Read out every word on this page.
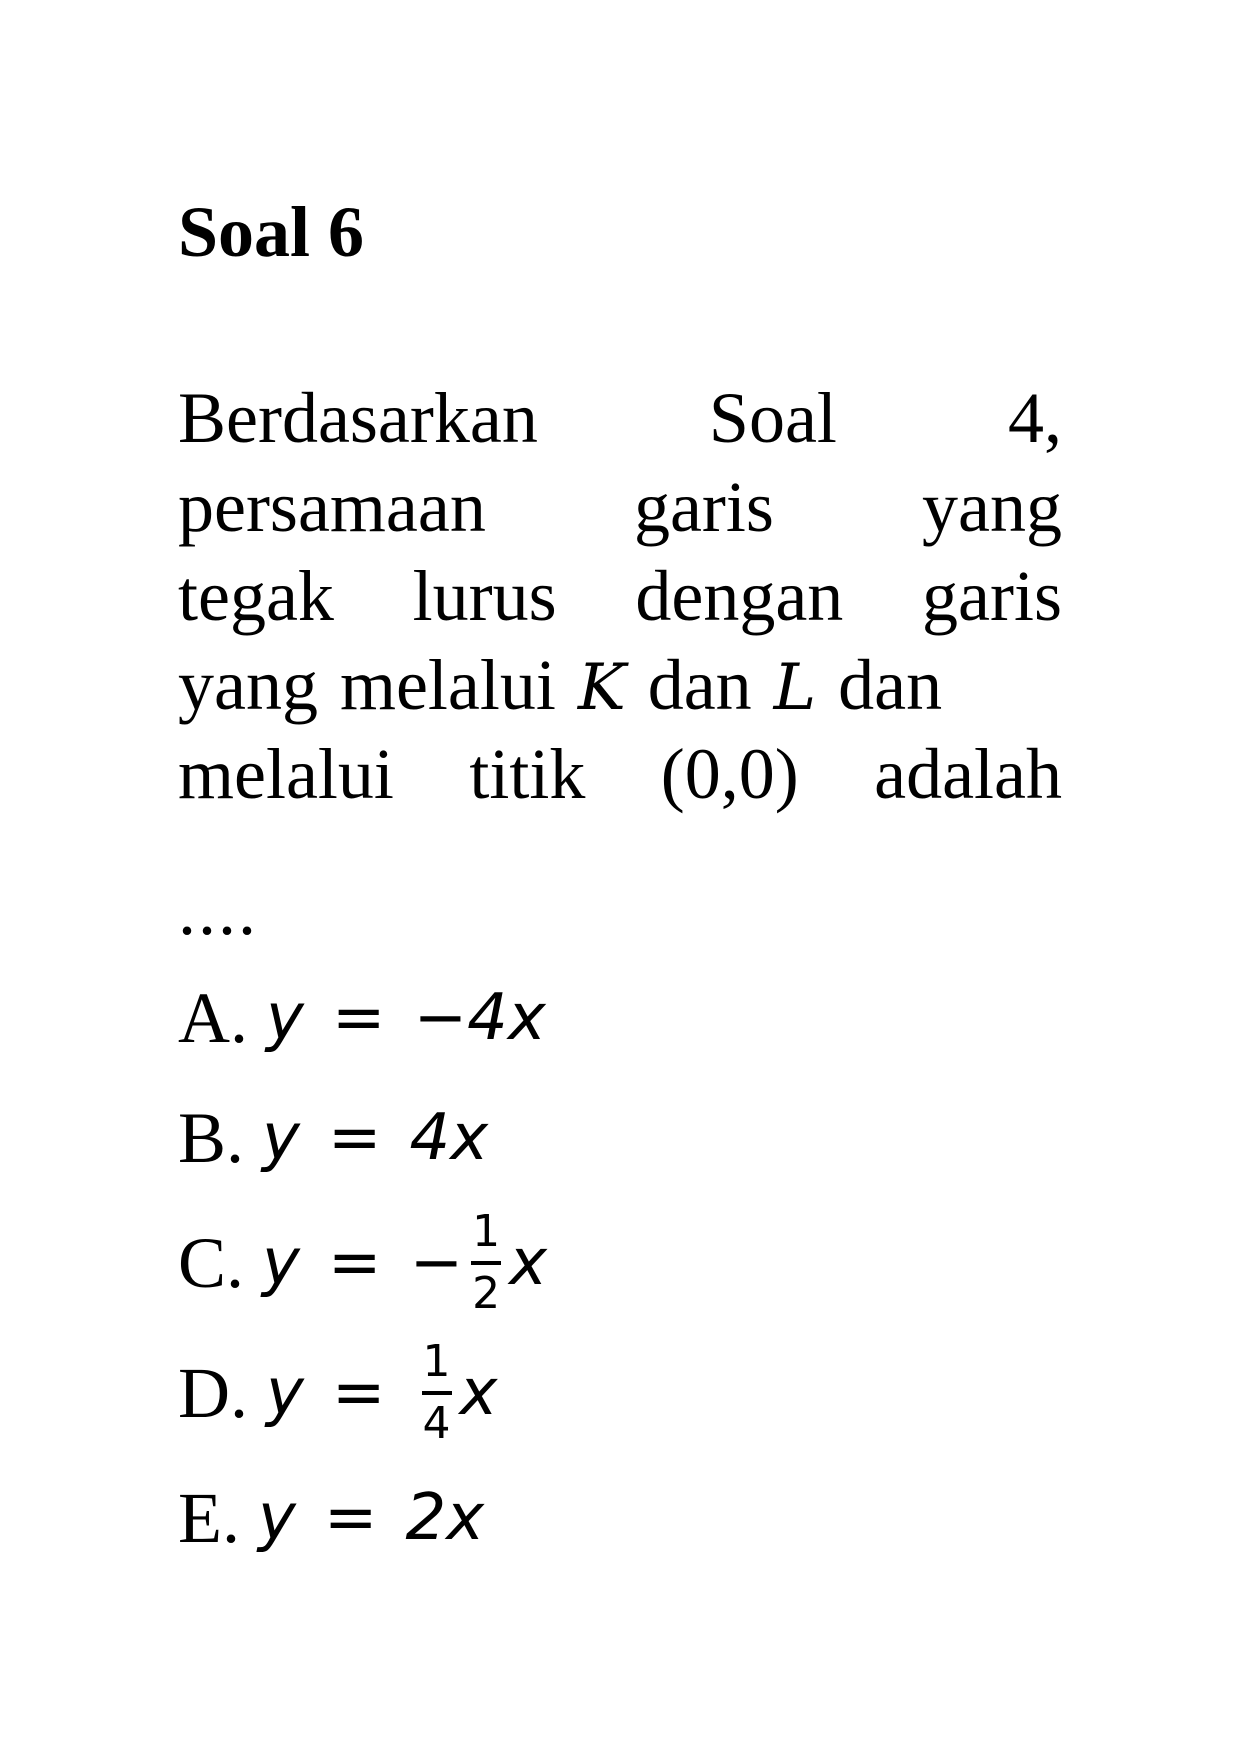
Soal 6
Berdasarkan Soal 4,
persamaan garis yang
tegak lurus dengan garis
yang melalui K dan L dan
melalui titik (0,0) adalah
....
A. y = −4x
B. y = 4x
C. y = − $\frac{1}{2}$ x
D. $y = \frac{1}{4}$ x
E. y = 2x
